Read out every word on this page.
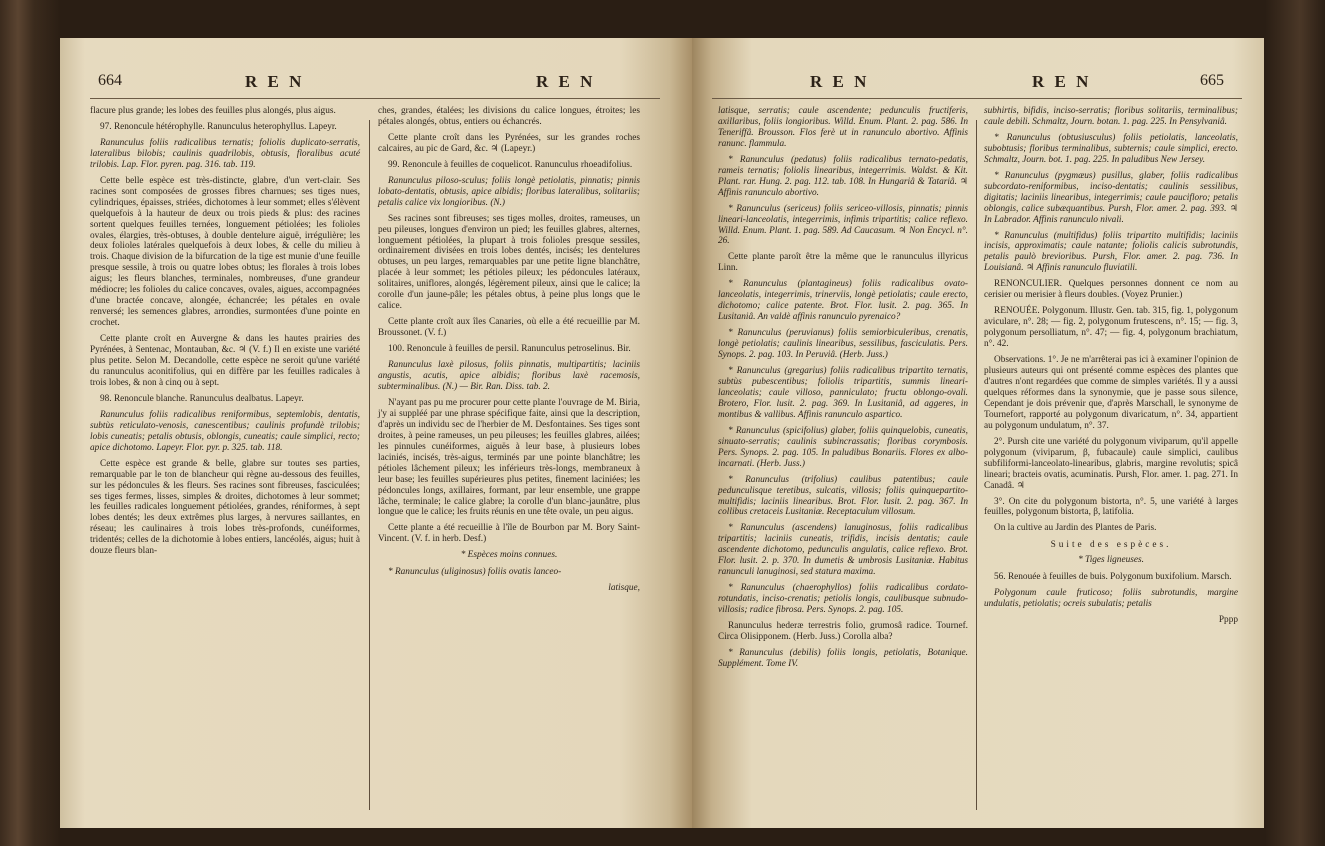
664	R E N	R E N

flacure plus grande; les lobes des feuilles plus alongés, plus aigus.

97. Renoncule hétérophylle. Ranunculus heterophyllus. Lapeyr.

Ranunculus foliis radicalibus ternatis; foliolis duplicato-serratis, lateralibus bilobis; caulinis quadrilobis, obtusis, floralibus acuté trilobis. Lap. Flor. pyren. pag. 316. tab. 119.

Cette belle espèce est très-distincte, glabre, d'un vert-clair. Ses racines sont composées de grosses fibres charnues; ses tiges nues, cylindriques, épaisses, striées, dichotomes à leur sommet; elles s'élèvent quelquefois à la hauteur de deux ou trois pieds & plus: des racines sortent quelques feuilles ternées, longuement pétiolées; les folioles ovales, élargies, très-obtuses, à double dentelure aiguë, irrégulière; les deux folioles latérales quelquefois à deux lobes, & celle du milieu à trois. Chaque division de la bifurcation de la tige est munie d'une feuille presque sessile, à trois ou quatre lobes obtus; les florales à trois lobes aigus; les fleurs blanches, terminales, nombreuses, d'une grandeur médiocre; les folioles du calice concaves, ovales, aigues, accompagnées d'une bractée concave, alongée, échancrée; les pétales en ovale renversé; les semences glabres, arrondies, surmontées d'une pointe en crochet.

Cette plante croît en Auvergne & dans les hautes prairies des Pyrénées, à Sentenac, Montauban, &c. ♃ (V. f.) Il en existe une variété plus petite. Selon M. Decandolle, cette espèce ne seroit qu'une variété du ranunculus aconitifolius, qui en diffère par les feuilles radicales à trois lobes, & non à cinq ou à sept.

98. Renoncule blanche. Ranunculus dealbatus. Lapeyr.

Ranunculus foliis radicalibus reniformibus, septemlobis, dentatis, subtùs reticulato-venosis, canescentibus; caulinis profundè trilobis; lobis cuneatis; petalis obtusis, oblongis, cuneatis; caule simplici, recto; apice dichotomo. Lapeyr. Flor. pyr. p. 325. tab. 118.

Cette espèce est grande & belle, glabre sur toutes ses parties, remarquable par le ton de blancheur qui règne au-dessous des feuilles, sur les pédoncules & les fleurs. Ses racines sont fibreuses, fasciculées; ses tiges fermes, lisses, simples & droites, dichotomes à leur sommet; les feuilles radicales longuement pétiolées, grandes, réniformes, à sept lobes dentés; les deux extrêmes plus larges, à nervures saillantes, en réseau; les caulinaires à trois lobes très-profonds, cunéiformes, tridentés; celles de la dichotomie à lobes entiers, lancéolés, aigus; huit à douze fleurs blan-

ches, grandes, étalées; les divisions du calice longues, étroites; les pétales alongés, obtus, entiers ou échancrés.

Cette plante croît dans les Pyrénées, sur les grandes roches calcaires, au pic de Gard, &c. ♃ (Lapeyr.)

99. Renoncule à feuilles de coquelicot. Ranunculus rhoeadifolius.

Ranunculus piloso-sculus; foliis longè petiolatis, pinnatis; pinnis lobato-dentatis, obtusis, apice albidis; floribus lateralibus, solitariis; petalis calice vix longioribus. (N.)

Ses racines sont fibreuses; ses tiges molles, droites, rameuses, un peu pileuses, longues d'environ un pied; les feuilles glabres, alternes, longuement pétiolées, la plupart à trois folioles presque sessiles, ordinairement divisées en trois lobes dentés, incisés; les dentelures obtuses, un peu larges, remarquables par une petite ligne blanchâtre, placée à leur sommet; les pétioles pileux; les pédoncules latéraux, solitaires, uniflores, alongés, légèrement pileux, ainsi que le calice; la corolle d'un jaune-pâle; les pétales obtus, à peine plus longs que le calice.

Cette plante croît aux îles Canaries, où elle a été recueillie par M. Broussonet. (V. f.)

100. Renoncule à feuilles de persil. Ranunculus petroselinus. Bir.

Ranunculus laxè pilosus, foliis pinnatis, multipartitis; laciniis angustis, acutis, apice albidis; floribus laxè racemosis, subterminalibus. (N.) — Bir. Ran. Diss. tab. 2.

N'ayant pas pu me procurer pour cette plante l'ouvrage de M. Biria, j'y ai suppléé par une phrase spécifique faite, ainsi que la description, d'après un individu sec de l'herbier de M. Desfontaines. Ses tiges sont droites, à peine rameuses, un peu pileuses; les feuilles glabres, ailées; les pinnules cunéiformes, aiguës à leur base, à plusieurs lobes laciniés, incisés, très-aigus, terminés par une pointe blanchâtre; les pétioles lâchement pileux; les inférieurs très-longs, membraneux à leur base; les feuilles supérieures plus petites, finement laciniées; les pédoncules longs, axillaires, formant, par leur ensemble, une grappe lâche, terminale; le calice glabre; la corolle d'un blanc-jaunâtre, plus longue que le calice; les fruits réunis en une tête ovale, un peu aigus.

Cette plante a été recueillie à l'île de Bourbon par M. Bory Saint-Vincent. (V. f. in herb. Desf.)

* Espèces moins connues.

* Ranunculus (uliginosus) foliis ovatis lanceo-

latisque,

R E N	R E N	665

latisque, serratis; caule ascendente; pedunculis fructiferis, axillaribus, foliis longioribus. Willd. Enum. Plant. 2. pag. 586. In Teneriffâ. Brousson. Flos ferè ut in ranunculo abortivo. Affinis ranunc. flammula.

* Ranunculus (pedatus) foliis radicalibus ternato-pedatis, rameis ternatis; foliolis linearibus, integerrimis. Waldst. & Kit. Plant. rar. Hung. 2. pag. 112. tab. 108. In Hungariâ & Tatariâ. ♃ Affinis ranunculo abortivo.

* Ranunculus (sericeus) foliis sericeo-villosis, pinnatis; pinnis lineari-lanceolatis, integerrimis, infimis tripartitis; calice reflexo. Willd. Enum. Plant. 1. pag. 589. Ad Caucasum. ♃ Non Encycl. n°. 26.

Cette plante paroît être la même que le ranunculus illyricus Linn.

* Ranunculus (plantagineus) foliis radicalibus ovato-lanceolatis, integerrimis, trinerviis, longè petiolatis; caule erecto, dichotomo; calice patente. Brot. Flor. lusit. 2. pag. 365. In Lusitaniâ. An valdè affinis ranunculo pyrenaico?

* Ranunculus (peruvianus) foliis semiorbiculeribus, crenatis, longè petiolatis; caulinis linearibus, sessilibus, fasciculatis. Pers. Synops. 2. pag. 103. In Peruviâ. (Herb. Juss.)

* Ranunculus (gregarius) foliis radicalibus tripartito ternatis, subtùs pubescentibus; foliolis tripartitis, summis lineari-lanceolatis; caule villoso, panniculato; fructu oblongo-ovali. Brotero, Flor. lusit. 2. pag. 369. In Lusitaniâ, ad aggeres, in montibus & vallibus. Affinis ranunculo aspartico.

* Ranunculus (spicifolius) glaber, foliis quinquelobis, cuneatis, sinuato-serratis; caulinis subincrassatis; floribus corymbosis. Pers. Synops. 2. pag. 105. In paludibus Bonariis. Flores ex albo-incarnati. (Herb. Juss.)

* Ranunculus (trifolius) caulibus patentibus; caule pedunculisque teretibus, sulcatis, villosis; foliis quinquepartito-multifidis; laciniis linearibus. Brot. Flor. lusit. 2. pag. 367. In collibus cretaceis Lusitaniæ. Receptaculum villosum.

* Ranunculus (ascendens) lanuginosus, foliis radicalibus tripartitis; laciniis cuneatis, trifidis, incisis dentatis; caule ascendente dichotomo, pedunculis angulatis, calice reflexo. Brot. Flor. lusit. 2. p. 370. In dumetis & umbrosis Lusitaniæ. Habitus ranunculi lanuginosi, sed statura maxima.

* Ranunculus (chaerophyllos) foliis radicalibus cordato-rotundatis, inciso-crenatis; petiolis longis, caulibusque subnudo-villosis; radice fibrosa. Pers. Synops. 2. pag. 105.

Ranunculus hederæ terrestris folio, grumosâ radice. Tournef. Circa Olisipponem. (Herb. Juss.) Corolla alba?

* Ranunculus (debilis) foliis longis, petiolatis, Botanique. Supplément. Tome IV.

subhirtis, bifidis, inciso-serratis; floribus solitariis, terminalibus; caule debili. Schmaltz, Journ. botan. 1. pag. 225. In Pensylvaniâ.

* Ranunculus (obtusiusculus) foliis petiolatis, lanceolatis, subobtusis; floribus terminalibus, subternis; caule simplici, erecto. Schmaltz, Journ. bot. 1. pag. 225. In paludibus New Jersey.

* Ranunculus (pygmæus) pusillus, glaber, foliis radicalibus subcordato-reniformibus, inciso-dentatis; caulinis sessilibus, digitatis; laciniis linearibus, integerrimis; caule paucifloro; petalis oblongis, calice subæquantibus. Pursh, Flor. amer. 2. pag. 393. ♃ In Labrador. Affinis ranunculo nivali.

* Ranunculus (multifidus) foliis tripartito multifidis; laciniis incisis, approximatis; caule natante; foliolis calicis subrotundis, petalis paulò brevioribus. Pursh, Flor. amer. 2. pag. 736. In Louisianâ. ♃ Affinis ranunculo fluviatili.

RENONCULIER. Quelques personnes donnent ce nom au cerisier ou merisier à fleurs doubles. (Voyez Prunier.)

RENOUÉE. Polygonum. Illustr. Gen. tab. 315, fig. 1, polygonum aviculare, n°. 28; — fig. 2, polygonum frutescens, n°. 15; — fig. 3, polygonum persolliatum, n°. 47; — fig. 4, polygonum brachiatum, n°. 42.

Observations. 1°. Je ne m'arrêterai pas ici à examiner l'opinion de plusieurs auteurs qui ont présenté comme espèces des plantes que d'autres n'ont regardées que comme de simples variétés. Il y a aussi quelques réformes dans la synonymie, que je passe sous silence, Cependant je dois prévenir que, d'après Marschall, le synonyme de Tournefort, rapporté au polygonum divaricatum, n°. 34, appartient au polygonum undulatum, n°. 37.

2°. Pursh cite une variété du polygonum viviparum, qu'il appelle polygonum (viviparum, β, fubacaule) caule simplici, caulibus subfiliformi-lanceolato-linearibus, glabris, margine revolutis; spicâ lineari; bracteis ovatis, acuminatis. Pursh, Flor. amer. 1. pag. 271. In Canadâ. ♃

3°. On cite du polygonum bistorta, n°. 5, une variété à larges feuilles, polygonum bistorta, β, latifolia.

On la cultive au Jardin des Plantes de Paris.

Suite des espèces.

* Tiges ligneuses.

56. Renouée à feuilles de buis. Polygonum buxifolium. Marsch.

Polygonum caule fruticoso; foliis subrotundis, margine undulatis, petiolatis; ocreis subulatis; petalis

Pppp
